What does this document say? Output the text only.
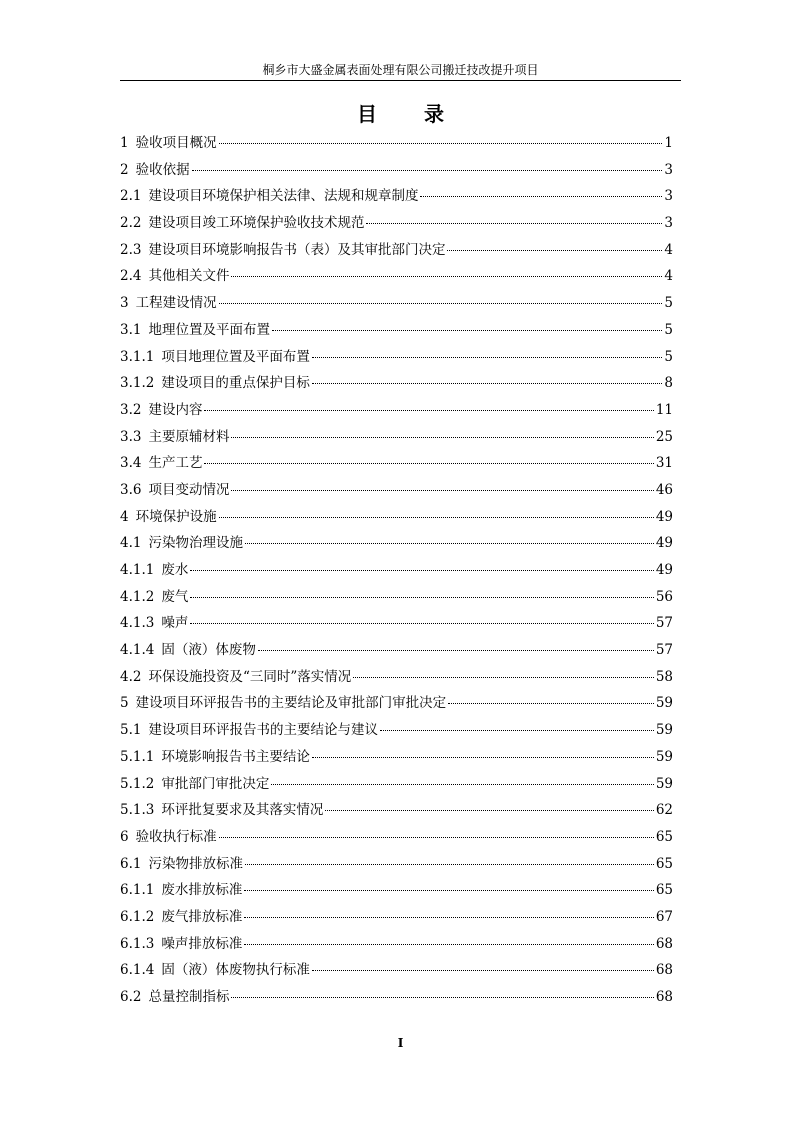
桐乡市大盛金属表面处理有限公司搬迁技改提升项目
目 录
1 验收项目概况	1
2 验收依据	3
2.1 建设项目环境保护相关法律、法规和规章制度	3
2.2 建设项目竣工环境保护验收技术规范	3
2.3 建设项目环境影响报告书（表）及其审批部门决定	4
2.4 其他相关文件	4
3 工程建设情况	5
3.1 地理位置及平面布置	5
3.1.1 项目地理位置及平面布置	5
3.1.2 建设项目的重点保护目标	8
3.2 建设内容	11
3.3 主要原辅材料	25
3.4 生产工艺	31
3.6 项目变动情况	46
4 环境保护设施	49
4.1 污染物治理设施	49
4.1.1 废水	49
4.1.2 废气	56
4.1.3 噪声	57
4.1.4 固（液）体废物	57
4.2 环保设施投资及“三同时”落实情况	58
5 建设项目环评报告书的主要结论及审批部门审批决定	59
5.1 建设项目环评报告书的主要结论与建议	59
5.1.1 环境影响报告书主要结论	59
5.1.2 审批部门审批决定	59
5.1.3 环评批复要求及其落实情况	62
6 验收执行标准	65
6.1 污染物排放标准	65
6.1.1 废水排放标准	65
6.1.2 废气排放标准	67
6.1.3 噪声排放标准	68
6.1.4 固（液）体废物执行标准	68
6.2 总量控制指标	68
I
